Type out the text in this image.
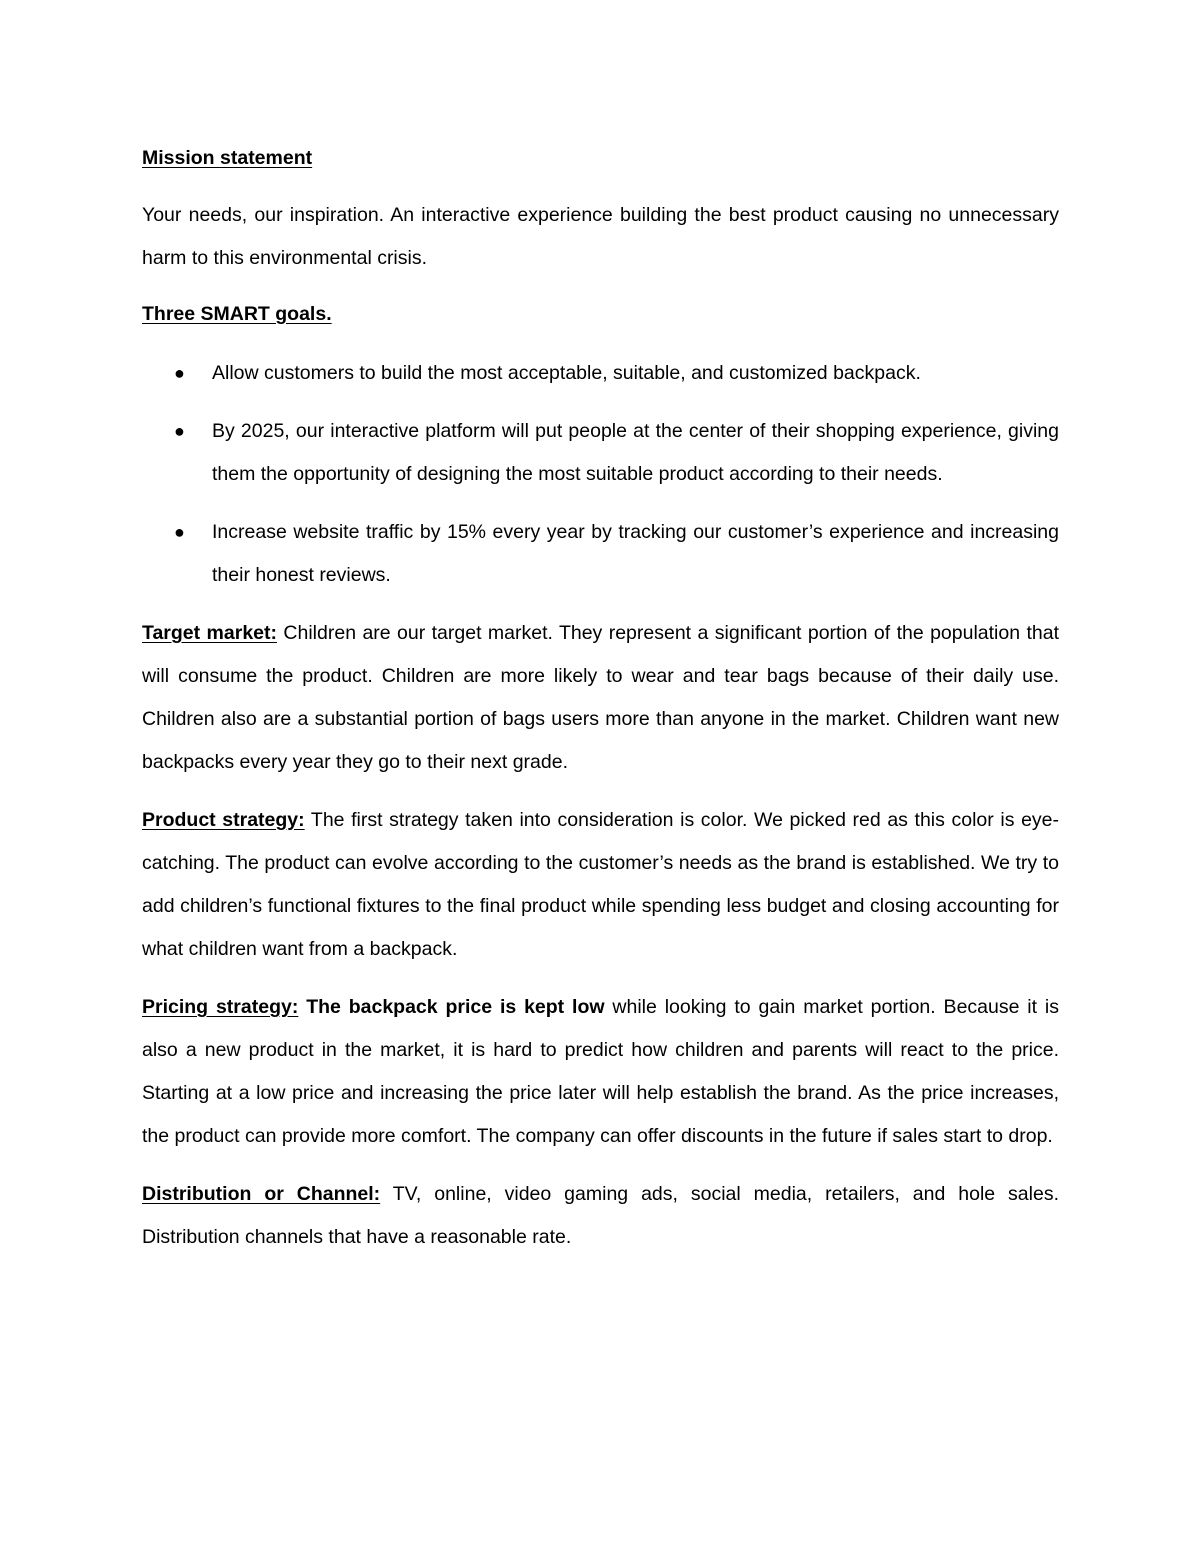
Mission statement

Your needs, our inspiration. An interactive experience building the best product causing no unnecessary harm to this environmental crisis.

Three SMART goals.

● Allow customers to build the most acceptable, suitable, and customized backpack.
● By 2025, our interactive platform will put people at the center of their shopping experience, giving them the opportunity of designing the most suitable product according to their needs.
● Increase website traffic by 15% every year by tracking our customer’s experience and increasing their honest reviews.

Target market: Children are our target market. They represent a significant portion of the population that will consume the product. Children are more likely to wear and tear bags because of their daily use. Children also are a substantial portion of bags users more than anyone in the market. Children want new backpacks every year they go to their next grade.

Product strategy: The first strategy taken into consideration is color. We picked red as this color is eye-catching. The product can evolve according to the customer’s needs as the brand is established. We try to add children’s functional fixtures to the final product while spending less budget and closing accounting for what children want from a backpack.

Pricing strategy: The backpack price is kept low while looking to gain market portion. Because it is also a new product in the market, it is hard to predict how children and parents will react to the price. Starting at a low price and increasing the price later will help establish the brand. As the price increases, the product can provide more comfort. The company can offer discounts in the future if sales start to drop.

Distribution or Channel: TV, online, video gaming ads, social media, retailers, and hole sales. Distribution channels that have a reasonable rate.
